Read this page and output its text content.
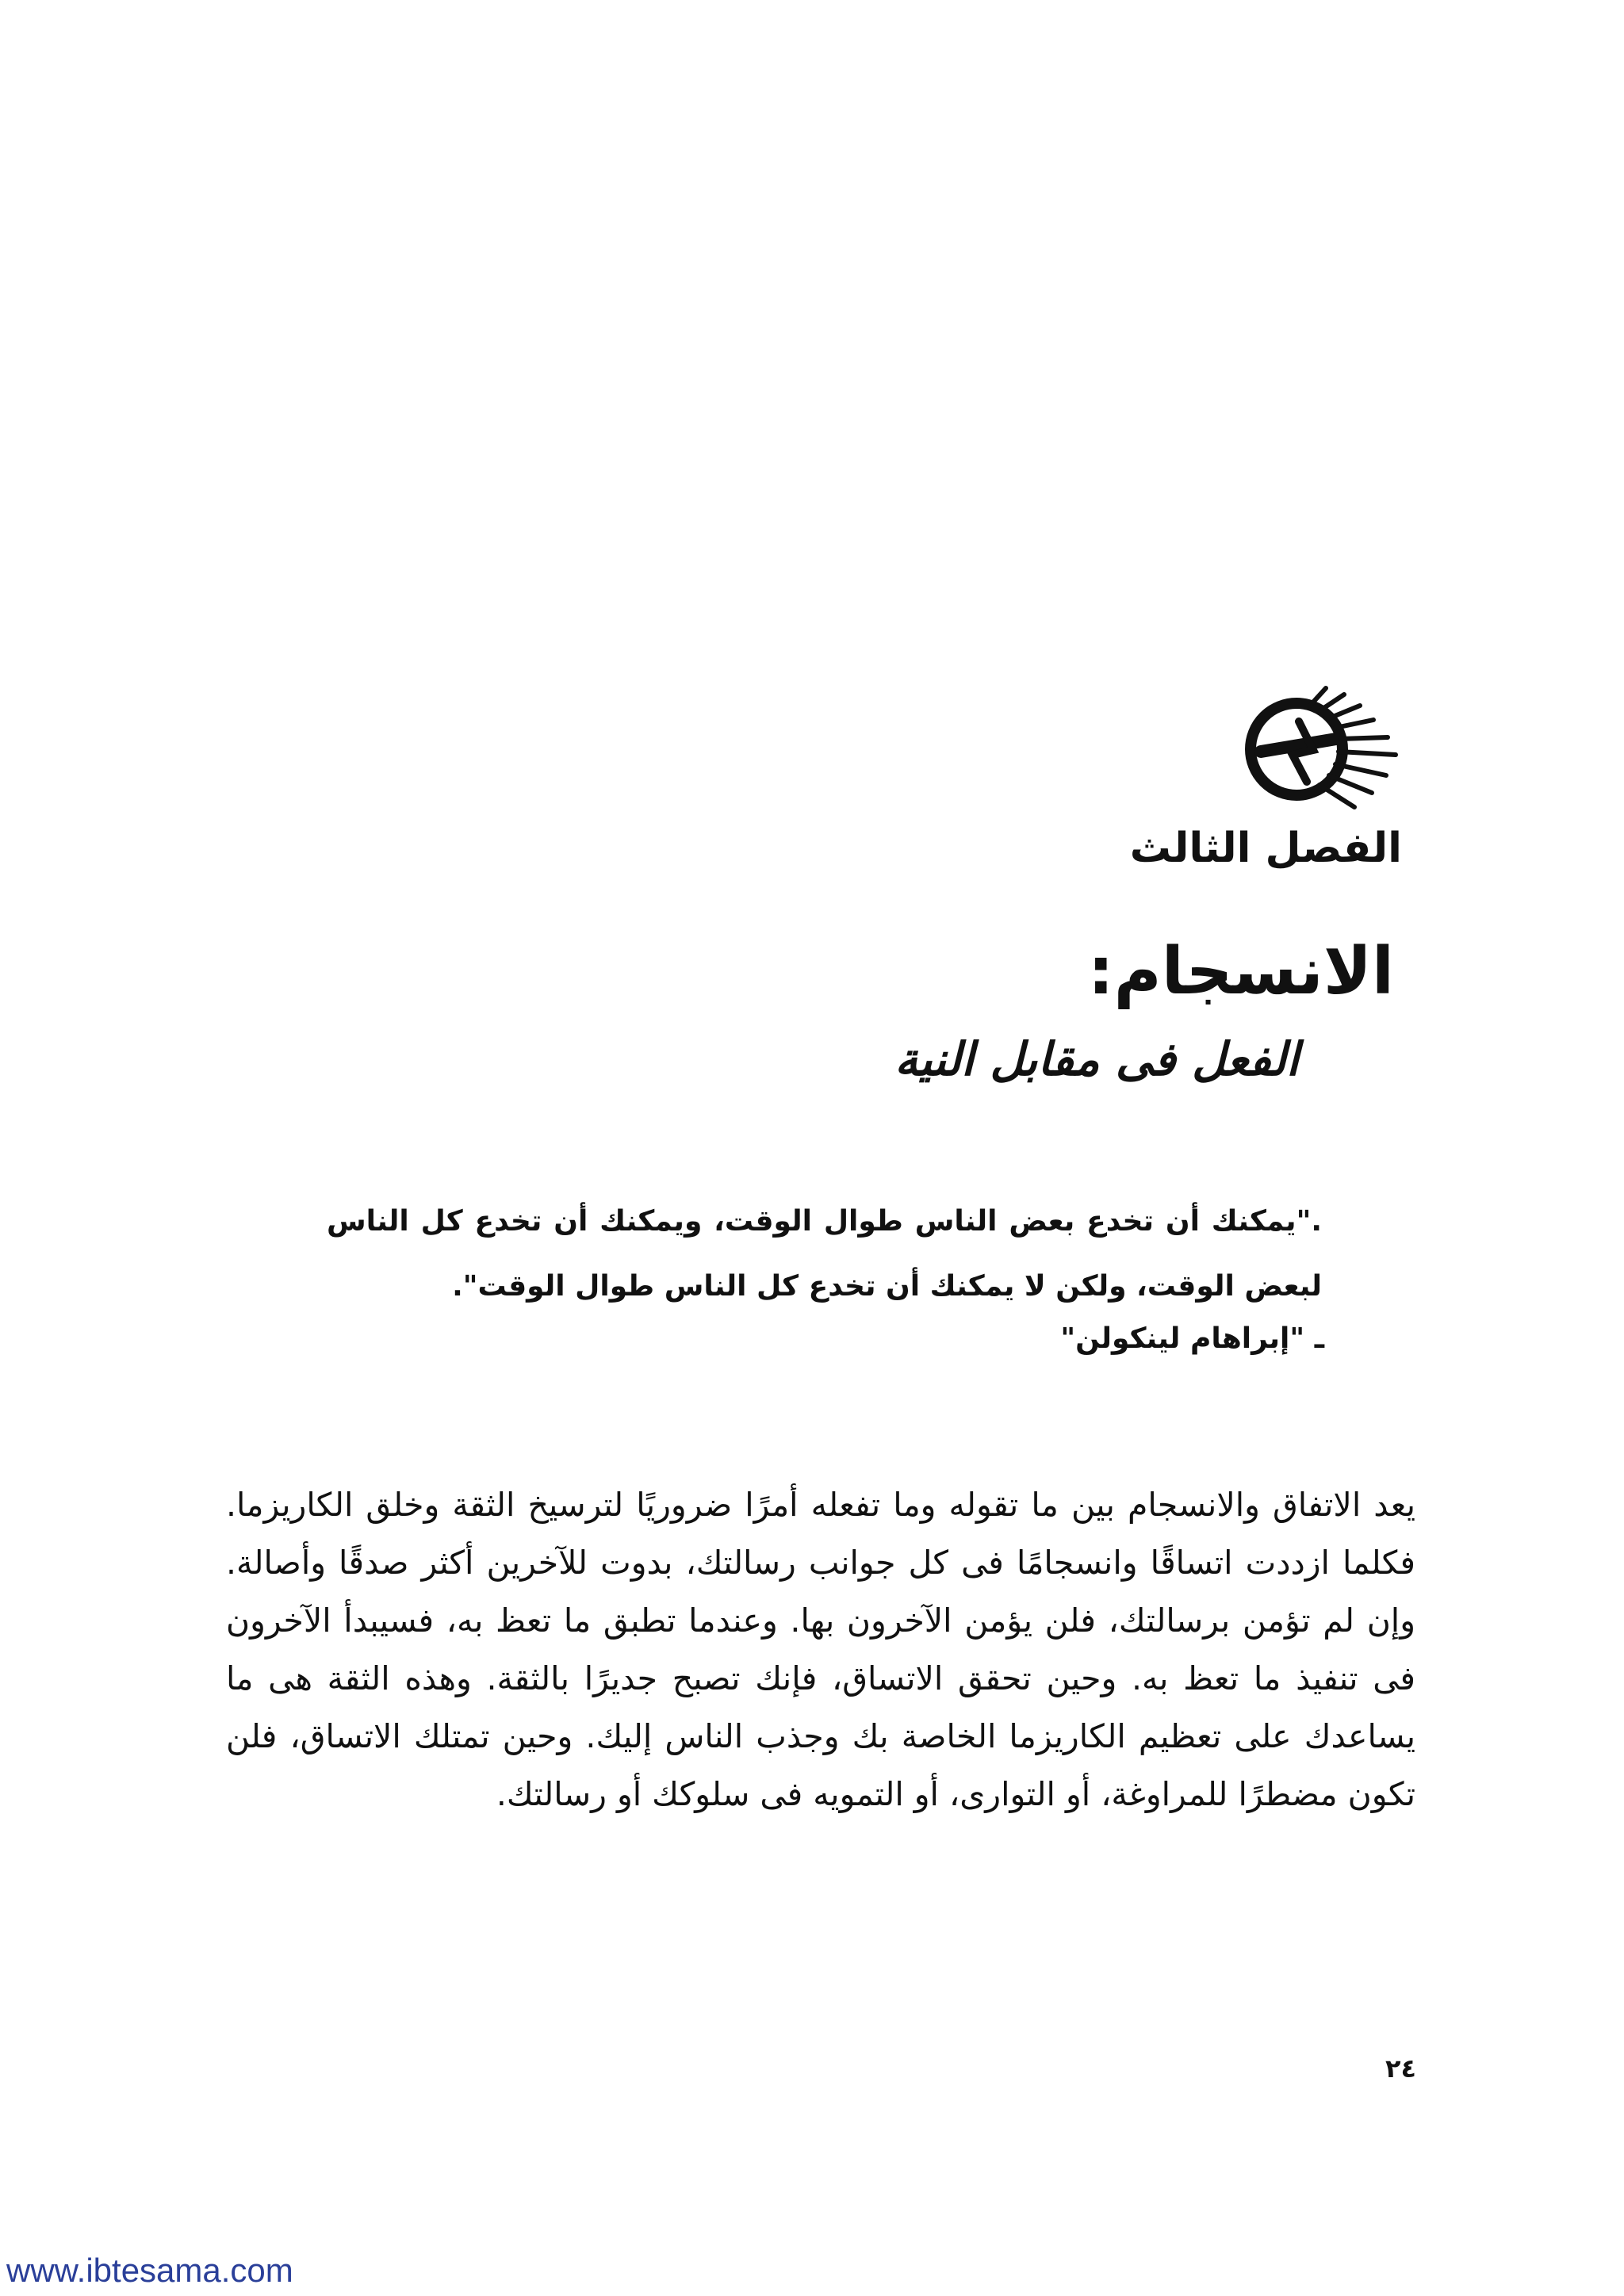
الفصل الثالث
الانسجام:
الفعل فى مقابل النية
."يمكنك أن تخدع بعض الناس طوال الوقت، ويمكنك أن تخدع كل الناس لبعض الوقت، ولكن لا يمكنك أن تخدع كل الناس طوال الوقت".
ـ "إبراهام لينكولن"
يعد الاتفاق والانسجام بين ما تقوله وما تفعله أمرًا ضروريًا لترسيخ الثقة وخلق الكاريزما. فكلما ازددت اتساقًا وانسجامًا فى كل جوانب رسالتك، بدوت للآخرين أكثر صدقًا وأصالة. وإن لم تؤمن برسالتك، فلن يؤمن الآخرون بها. وعندما تطبق ما تعظ به، فسيبدأ الآخرون فى تنفيذ ما تعظ به. وحين تحقق الاتساق، فإنك تصبح جديرًا بالثقة. وهذه الثقة هى ما يساعدك على تعظيم الكاريزما الخاصة بك وجذب الناس إليك. وحين تمتلك الاتساق، فلن تكون مضطرًا للمراوغة، أو التوارى، أو التمويه فى سلوكك أو رسالتك.
٢٤
www.ibtesama.com
